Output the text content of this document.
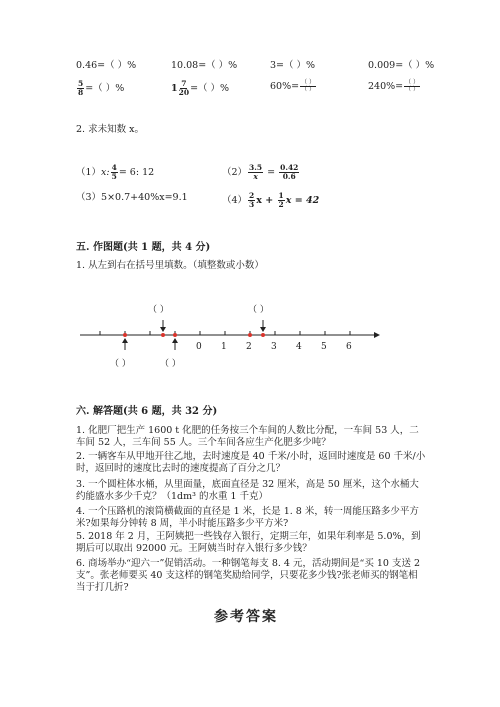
0.46=（ ）%	10.08=（ ）%	3=（ ）%	0.009=（ ）%
$\frac{5}{8}$ =（ ）%	$1 \frac{7}{20}$ =（ ）%	$60\%= \frac{( )}{( )}$	$240\%= \frac{( )}{( )}$
2. 求未知数 x。
（1）x: $\frac{4}{5} = 6$: 12	$(2) \frac{3.5}{x} = \frac{0.42}{0.6}$
（3）5×0.7+40%x=9.1	$(4) \frac{2}{3}$ $x + \frac{1}{2}$ x = 42
五. 作图题(共 1 题，共 4 分)
1. 从左到右在括号里填数。（填整数或小数）
（ ）	（ ）
0 1 2 3 4 5 6
（ ）	（ ）
六. 解答题(共 6 题，共 32 分)
1. 化肥厂把生产 1600 t 化肥的任务按三个车间的人数比分配，一车间 53 人，二车间 52 人，三车间 55 人。三个车间各应生产化肥多少吨？
2. 一辆客车从甲地开往乙地，去时速度是 40 千米/小时，返回时速度是 60 千米/小时，返回时的速度比去时的速度提高了百分之几？
3. 一个圆柱体水桶，从里面量，底面直径是 32 厘米，高是 50 厘米，这个水桶大约能盛水多少千克？（1dm³ 的水重 1 千克）
4. 一个压路机的滚筒横截面的直径是 1 米，长是 1. 8 米，转一周能压路多少平方米?如果每分钟转 8 周，半小时能压路多少平方米?
5. 2018 年 2 月，王阿姨把一些钱存入银行，定期三年，如果年利率是 5.0%，到期后可以取出 92000 元。王阿姨当时存入银行多少钱？
6. 商场举办“迎六一”促销活动。一种钢笔每支 8. 4 元，活动期间是“买 10 支送 2 支”。张老师要买 40 支这样的钢笔奖励给同学，只要花多少钱?张老师买的钢笔相当于打几折?
参考答案
